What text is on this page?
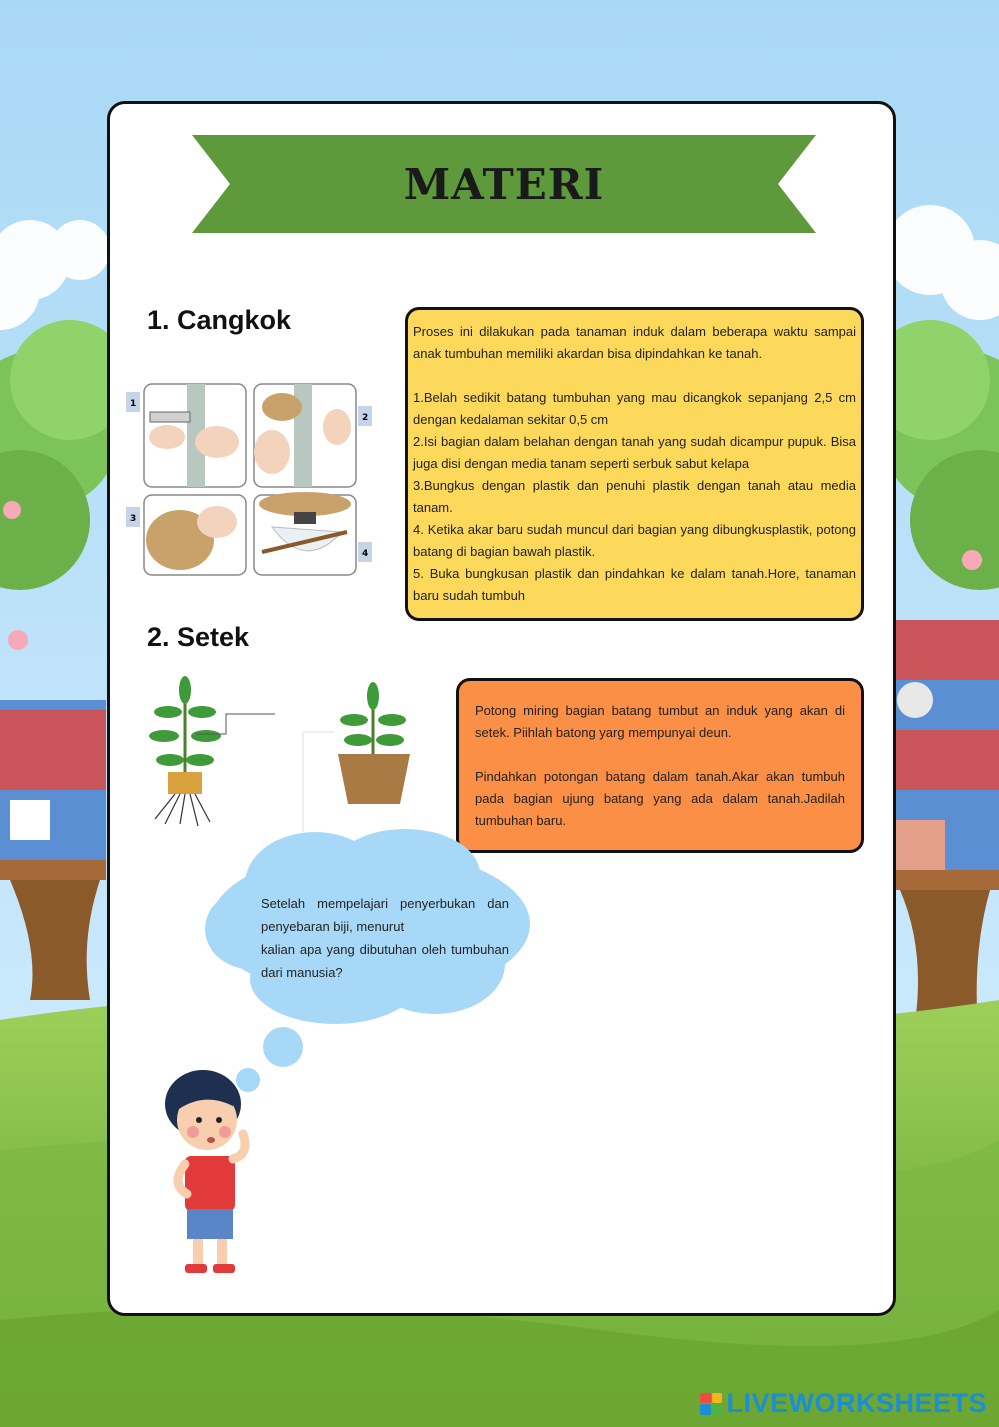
MATERI
1. Cangkok
1
2
3
4

Proses ini dilakukan pada tanaman induk dalam beberapa waktu sampai anak tumbuhan memiliki akardan bisa dipindahkan ke tanah.

1.Belah sedikit batang tumbuhan yang mau dicangkok sepanjang 2,5 cm dengan kedalaman sekitar 0,5 cm

2.Isi bagian dalam belahan dengan tanah yang sudah dicampur pupuk. Bisa juga disi dengan media tanam seperti serbuk sabut kelapa

3.Bungkus dengan plastik dan penuhi plastik dengan tanah atau media tanam.

4. Ketika akar baru sudah muncul dari bagian yang dibungkusplastik, potong batang di bagian bawah plastik.

5. Buka bungkusan plastik dan pindahkan ke dalam tanah.Hore, tanaman baru sudah tumbuh

2. Setek

Potong miring bagian batang tumbut an induk yang akan di setek. Piihlah batong yarg mempunyai deun.

Pindahkan potongan batang dalam tanah.Akar akan tumbuh pada bagian ujung batang yang ada dalam tanah.Jadilah tumbuhan baru.

Setelah mempelajari penyerbukan dan penyebaran biji, menurut
kalian apa yang dibutuhan oleh tumbuhan dari manusia?
LIVEWORKSHEETS
